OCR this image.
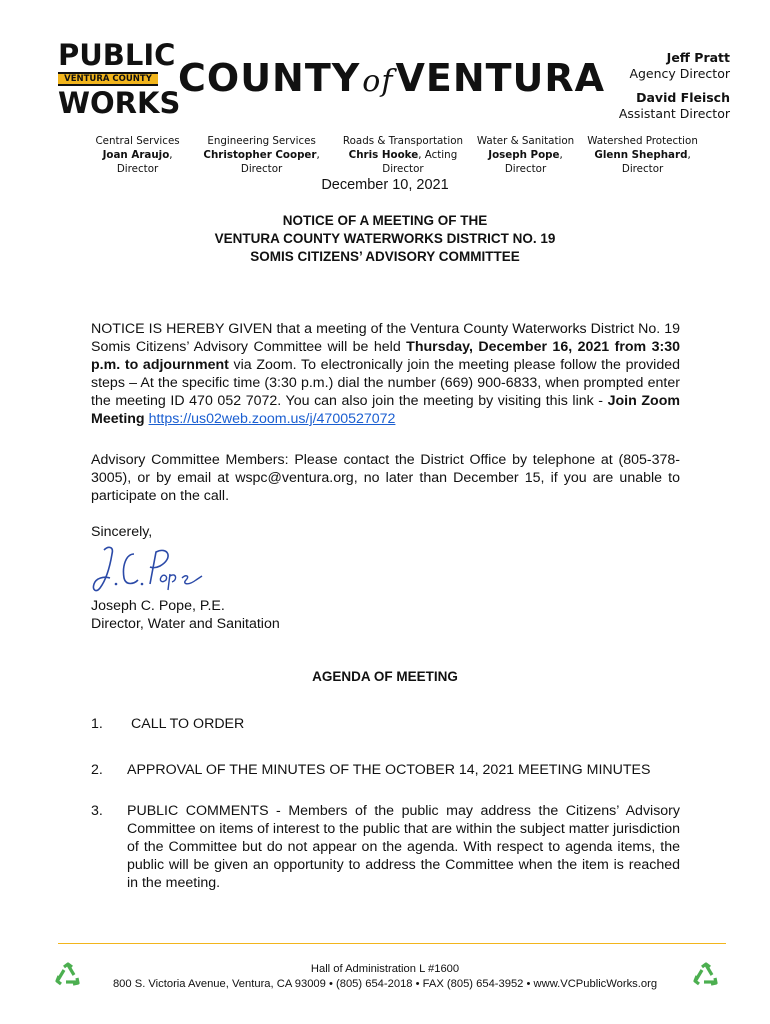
PUBLIC
VENTURA COUNTY
WORKS
COUNTYofVENTURA	Jeff Pratt
Agency Director
David Fleisch
Assistant Director
Central Services
Joan Araujo, Director
Engineering Services
Christopher Cooper, Director
Roads & Transportation
Chris Hooke, Acting Director
Water & Sanitation
Joseph Pope, Director
Watershed Protection
Glenn Shephard, Director
December 10, 2021
NOTICE OF A MEETING OF THE
VENTURA COUNTY WATERWORKS DISTRICT NO. 19
SOMIS CITIZENS’ ADVISORY COMMITTEE
NOTICE IS HEREBY GIVEN that a meeting of the Ventura County Waterworks District No. 19 Somis Citizens’ Advisory Committee will be held Thursday, December 16, 2021 from 3:30 p.m. to adjournment via Zoom. To electronically join the meeting please follow the provided steps – At the specific time (3:30 p.m.) dial the number (669) 900-6833, when prompted enter the meeting ID 470 052 7072. You can also join the meeting by visiting this link - Join Zoom Meeting https://us02web.zoom.us/j/4700527072
Advisory Committee Members: Please contact the District Office by telephone at (805-378-3005), or by email at wspc@ventura.org, no later than December 15, if you are unable to participate on the call.
Sincerely,
Joseph C. Pope, P.E.
Director, Water and Sanitation
AGENDA OF MEETING
1. CALL TO ORDER
2. APPROVAL OF THE MINUTES OF THE OCTOBER 14, 2021 MEETING MINUTES
3. PUBLIC COMMENTS - Members of the public may address the Citizens’ Advisory Committee on items of interest to the public that are within the subject matter jurisdiction of the Committee but do not appear on the agenda. With respect to agenda items, the public will be given an opportunity to address the Committee when the item is reached in the meeting.
Hall of Administration L #1600
800 S. Victoria Avenue, Ventura, CA 93009 • (805) 654-2018 • FAX (805) 654-3952 • www.VCPublicWorks.org
